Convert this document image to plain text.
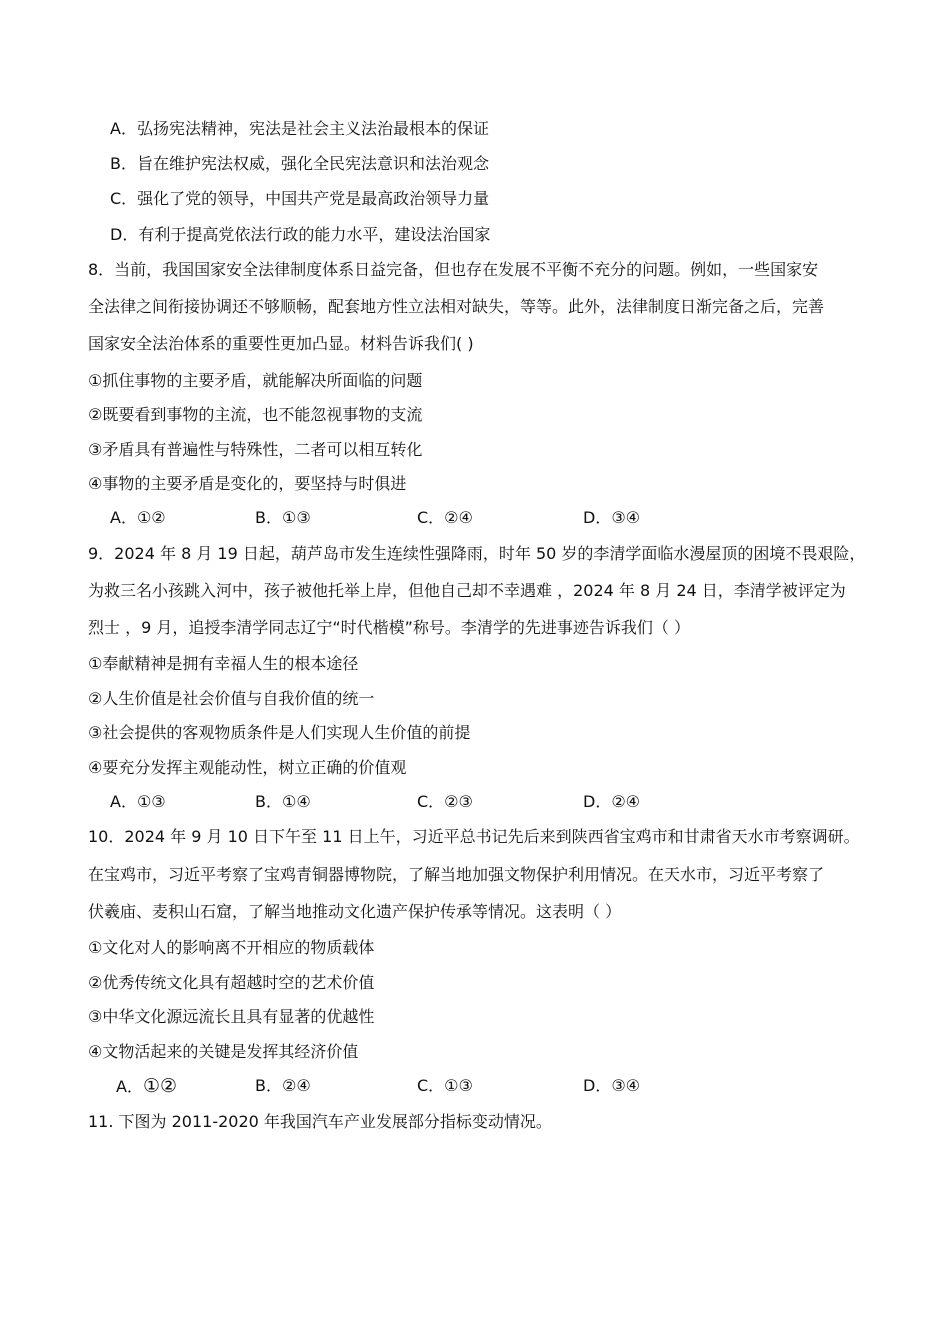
A．弘扬宪法精神，宪法是社会主义法治最根本的保证
B．旨在维护宪法权威，强化全民宪法意识和法治观念
C．强化了党的领导，中国共产党是最高政治领导力量
D．有利于提高党依法行政的能力水平，建设法治国家
8．当前，我国国家安全法律制度体系日益完备，但也存在发展不平衡不充分的问题。例如，一些国家安
全法律之间衔接协调还不够顺畅，配套地方性立法相对缺失，等等。此外，法律制度日渐完备之后，完善
国家安全法治体系的重要性更加凸显。材料告诉我们( )
①抓住事物的主要矛盾，就能解决所面临的问题
②既要看到事物的主流，也不能忽视事物的支流
③矛盾具有普遍性与特殊性，二者可以相互转化
④事物的主要矛盾是变化的，要坚持与时俱进
A．①②	B．①③	C．②④	D．③④
9．2024 年 8 月 19 日起，葫芦岛市发生连续性强降雨，时年 50 岁的李清学面临水漫屋顶的困境不畏艰险，
为救三名小孩跳入河中，孩子被他托举上岸，但他自己却不幸遇难 ，2024 年 8 月 24 日，李清学被评定为
烈士 ，9 月，追授李清学同志辽宁“时代楷模”称号。李清学的先进事迹告诉我们（ ）
①奉献精神是拥有幸福人生的根本途径
②人生价值是社会价值与自我价值的统一
③社会提供的客观物质条件是人们实现人生价值的前提
④要充分发挥主观能动性，树立正确的价值观
A．①③	B．①④	C．②③	D．②④
10．2024 年 9 月 10 日下午至 11 日上午，习近平总书记先后来到陕西省宝鸡市和甘肃省天水市考察调研。
在宝鸡市，习近平考察了宝鸡青铜器博物院，了解当地加强文物保护利用情况。在天水市，习近平考察了
伏羲庙、麦积山石窟，了解当地推动文化遗产保护传承等情况。这表明（ ）
①文化对人的影响离不开相应的物质载体
②优秀传统文化具有超越时空的艺术价值
③中华文化源远流长且具有显著的优越性
④文物活起来的关键是发挥其经济价值
A．①②	B．②④	C．①③	D．③④
11. 下图为 2011-2020 年我国汽车产业发展部分指标变动情况。
